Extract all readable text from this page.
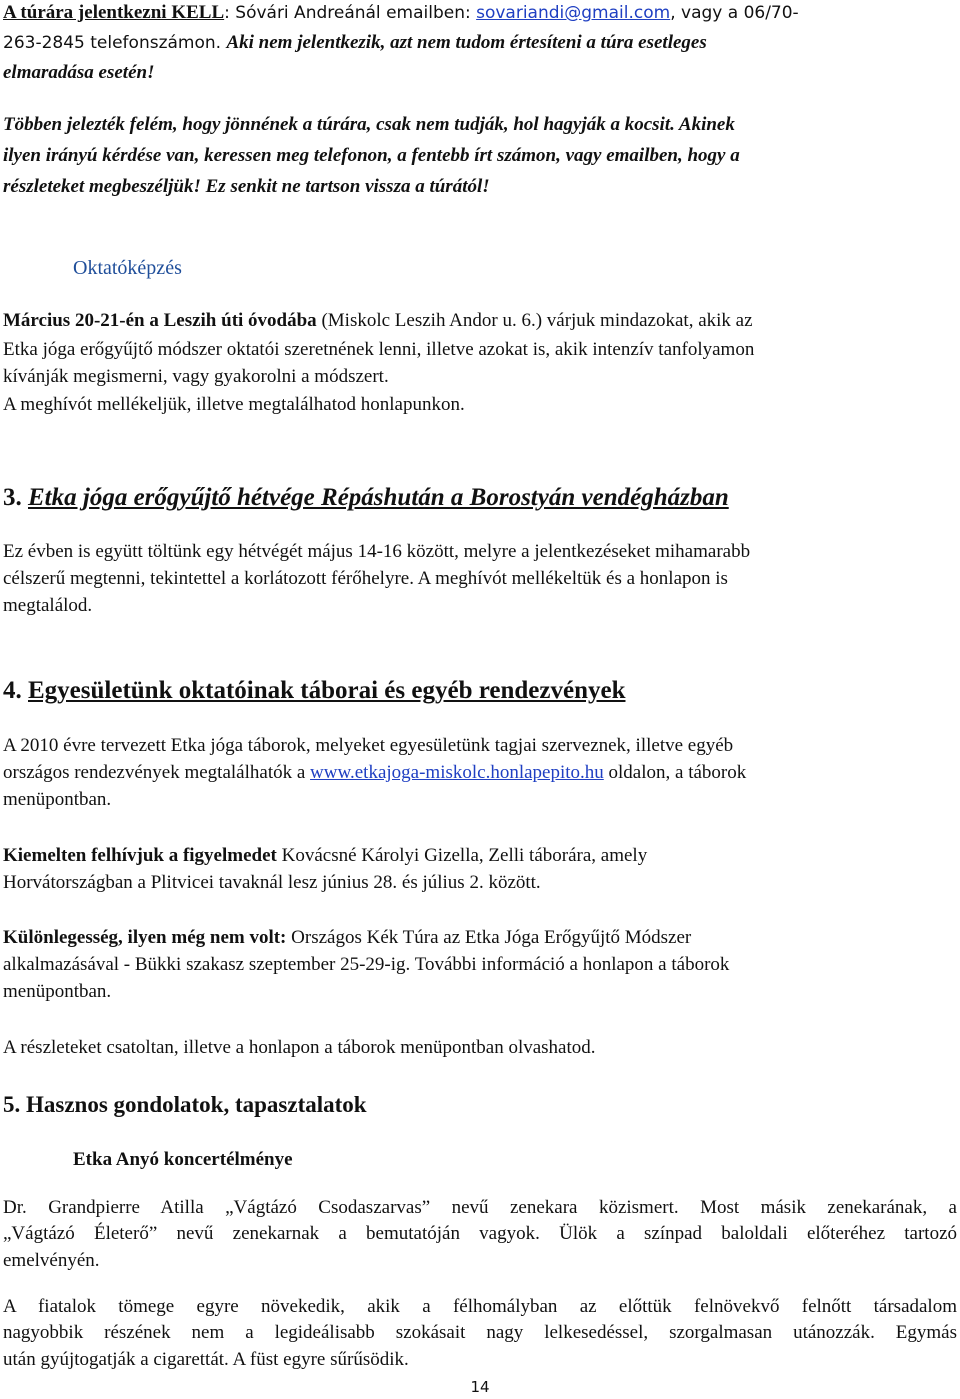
A túrára jelentkezni KELL: Sóvári Andreánál emailben: sovariandi@gmail.com, vagy a 06/70-
263-2845 telefonszámon. Aki nem jelentkezik, azt nem tudom értesíteni a túra esetleges
elmaradása esetén!
Többen jelezték felém, hogy jönnének a túrára, csak nem tudják, hol hagyják a kocsit. Akinek
ilyen irányú kérdése van, keressen meg telefonon, a fentebb írt számon, vagy emailben, hogy a
részleteket megbeszéljük! Ez senkit ne tartson vissza a túrától!
Oktatóképzés
Március 20-21-én a Leszih úti óvodába (Miskolc Leszih Andor u. 6.) várjuk mindazokat, akik az
Etka jóga erőgyűjtő módszer oktatói szeretnének lenni, illetve azokat is, akik intenzív tanfolyamon
kívánják megismerni, vagy gyakorolni a módszert.
A meghívót mellékeljük, illetve megtalálhatod honlapunkon.
3. Etka jóga erőgyűjtő hétvége Répáshután a Borostyán vendégházban
Ez évben is együtt töltünk egy hétvégét május 14-16 között, melyre a jelentkezéseket mihamarabb
célszerű megtenni, tekintettel a korlátozott férőhelyre. A meghívót mellékeltük és a honlapon is
megtalálod.
4. Egyesületünk oktatóinak táborai és egyéb rendezvények
A 2010 évre tervezett Etka jóga táborok, melyeket egyesületünk tagjai szerveznek, illetve egyéb
országos rendezvények megtalálhatók a www.etkajoga-miskolc.honlapepito.hu oldalon, a táborok
menüpontban.
Kiemelten felhívjuk a figyelmedet Kovácsné Károlyi Gizella, Zelli táborára, amely
Horvátországban a Plitvicei tavaknál lesz június 28. és július 2. között.
Különlegesség, ilyen még nem volt: Országos Kék Túra az Etka Jóga Erőgyűjtő Módszer
alkalmazásával - Bükki szakasz szeptember 25-29-ig. További információ a honlapon a táborok
menüpontban.
A részleteket csatoltan, illetve a honlapon a táborok menüpontban olvashatod.
5. Hasznos gondolatok, tapasztalatok
Etka Anyó koncertélménye
Dr. Grandpierre Atilla „Vágtázó Csodaszarvas” nevű zenekara közismert. Most másik zenekarának, a
„Vágtázó Életerő” nevű zenekarnak a bemutatóján vagyok. Ülök a színpad baloldali előteréhez tartozó
emelvényén.
A fiatalok tömege egyre növekedik, akik a félhomályban az előttük felnövekvő felnőtt társadalom
nagyobbik részének nem a legideálisabb szokásait nagy lelkesedéssel, szorgalmasan utánozzák. Egymás
után gyújtogatják a cigarettát. A füst egyre sűrűsödik.
14
